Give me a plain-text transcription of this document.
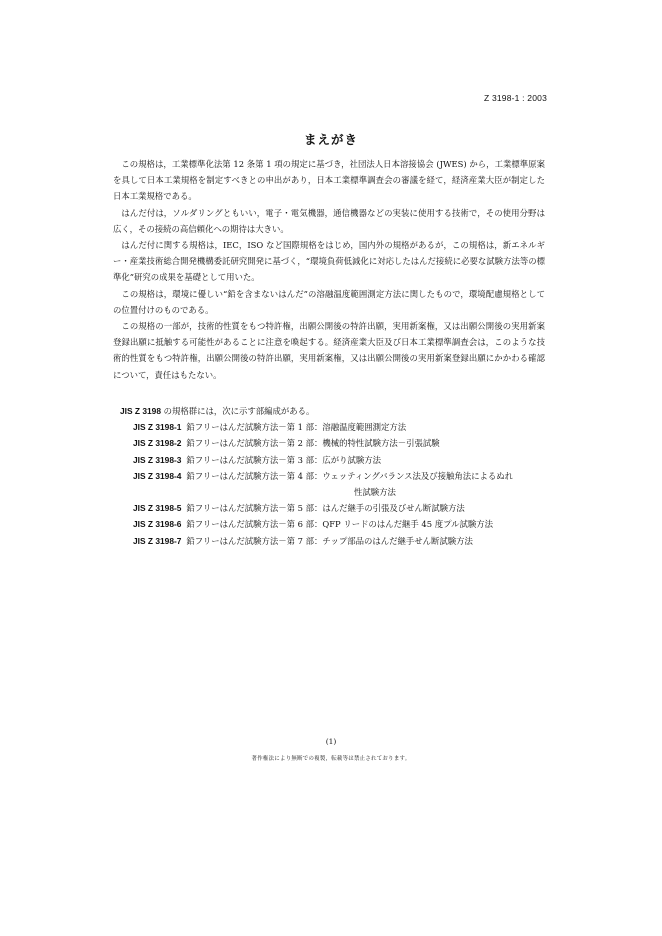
Z 3198-1 : 2003
まえがき

この規格は，工業標準化法第 12 条第 1 項の規定に基づき，社団法人日本溶接協会 (JWES) から，工業標準原案を具して日本工業規格を制定すべきとの申出があり，日本工業標準調査会の審議を経て，経済産業大臣が制定した日本工業規格である。

はんだ付は，ソルダリングともいい，電子・電気機器，通信機器などの実装に使用する技術で，その使用分野は広く，その接続の高信頼化への期待は大きい。

はんだ付に関する規格は，IEC，ISO など国際規格をはじめ，国内外の規格があるが，この規格は，新エネルギー・産業技術総合開発機構委託研究開発に基づく，“環境負荷低減化に対応したはんだ接続に必要な試験方法等の標準化”研究の成果を基礎として用いた。

この規格は，環境に優しい“鉛を含まないはんだ”の溶融温度範囲測定方法に関したもので，環境配慮規格としての位置付けのものである。

この規格の一部が，技術的性質をもつ特許権，出願公開後の特許出願，実用新案権，又は出願公開後の実用新案登録出願に抵触する可能性があることに注意を喚起する。経済産業大臣及び日本工業標準調査会は，このような技術的性質をもつ特許権，出願公開後の特許出願，実用新案権，又は出願公開後の実用新案登録出願にかかわる確認について，責任はもたない。

JIS Z 3198 の規格群には，次に示す部編成がある。

JIS Z 3198-1 鉛フリーはんだ試験方法－第 1 部：溶融温度範囲測定方法
JIS Z 3198-2 鉛フリーはんだ試験方法－第 2 部：機械的特性試験方法－引張試験
JIS Z 3198-3 鉛フリーはんだ試験方法－第 3 部：広がり試験方法
JIS Z 3198-4 鉛フリーはんだ試験方法－第 4 部：ウェッティングバランス法及び接触角法によるぬれ
性試験方法
JIS Z 3198-5 鉛フリーはんだ試験方法－第 5 部：はんだ継手の引張及びせん断試験方法
JIS Z 3198-6 鉛フリーはんだ試験方法－第 6 部：QFP リードのはんだ継手 45 度プル試験方法
JIS Z 3198-7 鉛フリーはんだ試験方法－第 7 部：チップ部品のはんだ継手せん断試験方法
(1)
著作権法により無断での複製，転載等は禁止されております。
